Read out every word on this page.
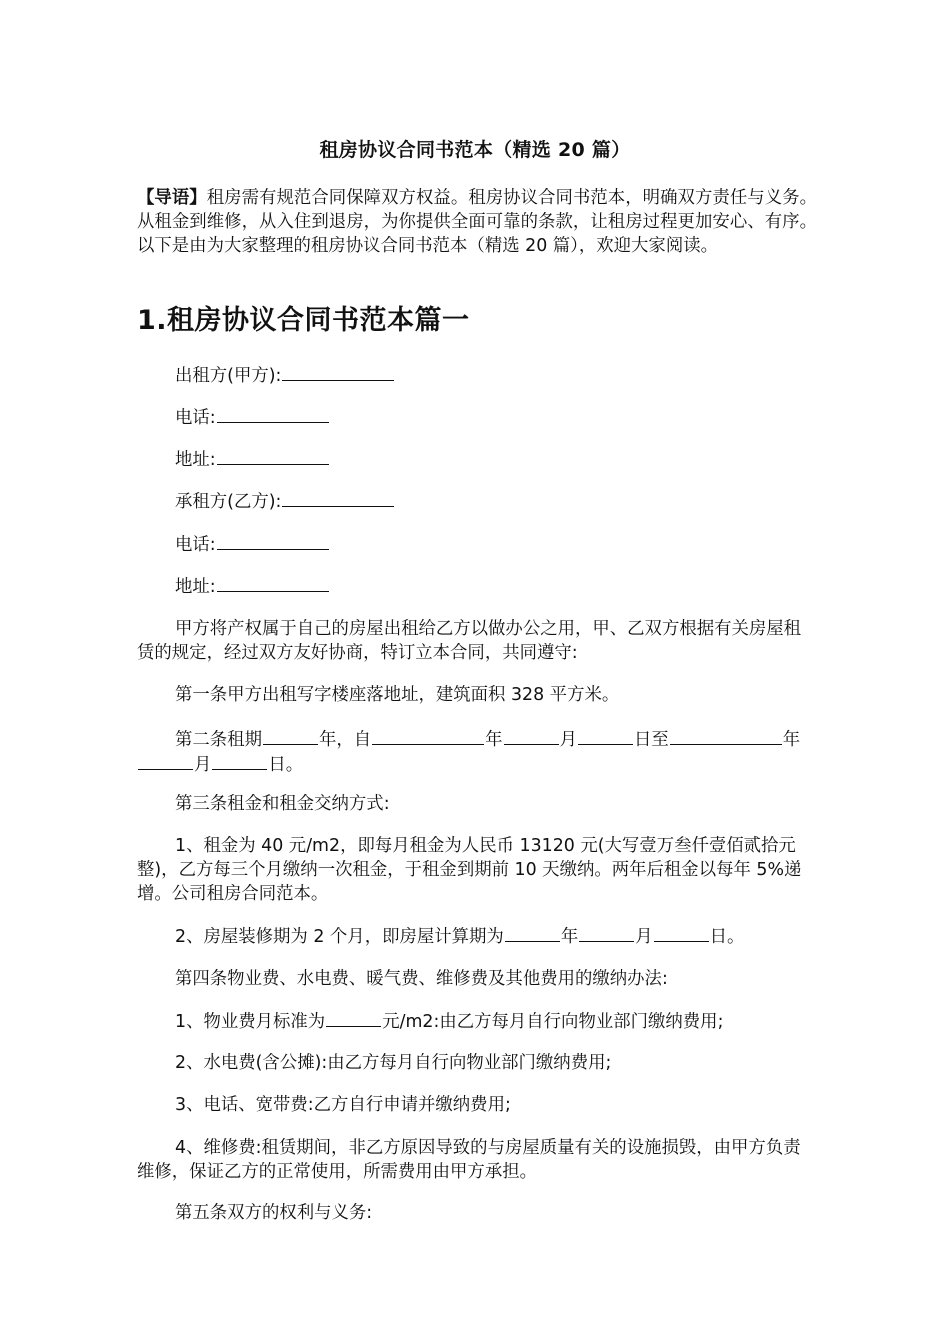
租房协议合同书范本（精选 20 篇）
【导语】租房需有规范合同保障双方权益。租房协议合同书范本，明确双方责任与义务。从租金到维修，从入住到退房，为你提供全面可靠的条款，让租房过程更加安心、有序。以下是由为大家整理的租房协议合同书范本（精选 20 篇），欢迎大家阅读。
1.租房协议合同书范本篇一
出租方(甲方):
电话:
地址:
承租方(乙方):
电话:
地址:
甲方将产权属于自己的房屋出租给乙方以做办公之用，甲、乙双方根据有关房屋租赁的规定，经过双方友好协商，特订立本合同，共同遵守:
第一条甲方出租写字楼座落地址，建筑面积 328 平方米。
第二条租期	年，自	年	月	日至	年月	日。
第三条租金和租金交纳方式:
1、租金为 40 元/m2，即每月租金为人民币 13120 元(大写壹万叁仟壹佰贰拾元整)，乙方每三个月缴纳一次租金，于租金到期前 10 天缴纳。两年后租金以每年 5%递增。公司租房合同范本。
2、房屋装修期为 2 个月，即房屋计算期为	年	月	日。
第四条物业费、水电费、暖气费、维修费及其他费用的缴纳办法:
1、物业费月标准为	元/m2:由乙方每月自行向物业部门缴纳费用;
2、水电费(含公摊):由乙方每月自行向物业部门缴纳费用;
3、电话、宽带费:乙方自行申请并缴纳费用;
4、维修费:租赁期间，非乙方原因导致的与房屋质量有关的设施损毁，由甲方负责维修，保证乙方的正常使用，所需费用由甲方承担。
第五条双方的权利与义务:
